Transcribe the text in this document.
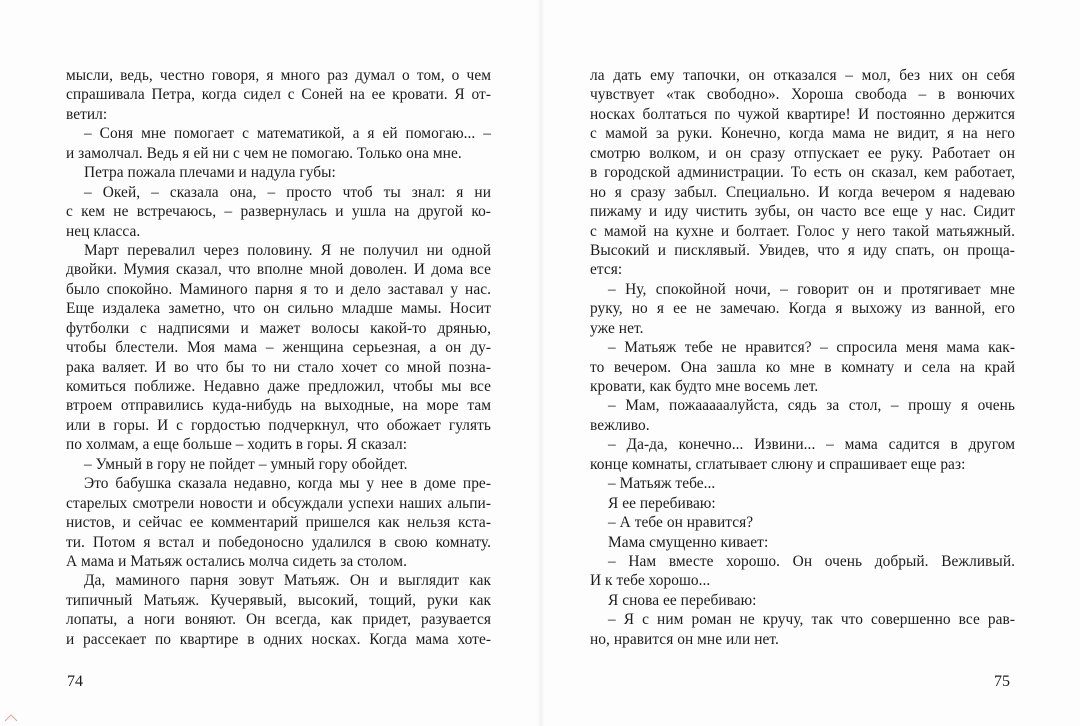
мысли, ведь, честно говоря, я много раз думал о том, о чем
спрашивала Петра, когда сидел с Соней на ее кровати. Я от-
ветил:
– Соня мне помогает с математикой, а я ей помогаю... –
и замолчал. Ведь я ей ни с чем не помогаю. Только она мне.
Петра пожала плечами и надула губы:
– Окей, – сказала она, – просто чтоб ты знал: я ни
с кем не встречаюсь, – развернулась и ушла на другой ко-
нец класса.
Март перевалил через половину. Я не получил ни одной
двойки. Мумия сказал, что вполне мной доволен. И дома все
было спокойно. Маминого парня я то и дело заставал у нас.
Еще издалека заметно, что он сильно младше мамы. Носит
футболки с надписями и мажет волосы какой-то дрянью,
чтобы блестели. Моя мама – женщина серьезная, а он ду-
рака валяет. И во что бы то ни стало хочет со мной позна-
комиться поближе. Недавно даже предложил, чтобы мы все
втроем отправились куда-нибудь на выходные, на море там
или в горы. И с гордостью подчеркнул, что обожает гулять
по холмам, а еще больше – ходить в горы. Я сказал:
– Умный в гору не пойдет – умный гору обойдет.
Это бабушка сказала недавно, когда мы у нее в доме пре-
старелых смотрели новости и обсуждали успехи наших альпи-
нистов, и сейчас ее комментарий пришелся как нельзя кста-
ти. Потом я встал и победоносно удалился в свою комнату.
А мама и Матьяж остались молча сидеть за столом.
Да, маминого парня зовут Матьяж. Он и выглядит как
типичный Матьяж. Кучерявый, высокий, тощий, руки как
лопаты, а ноги воняют. Он всегда, как придет, разувается
и рассекает по квартире в одних носках. Когда мама хоте-
ла дать ему тапочки, он отказался – мол, без них он себя
чувствует «так свободно». Хороша свобода – в вонючих
носках болтаться по чужой квартире! И постоянно держится
с мамой за руки. Конечно, когда мама не видит, я на него
смотрю волком, и он сразу отпускает ее руку. Работает он
в городской администрации. То есть он сказал, кем работает,
но я сразу забыл. Специально. И когда вечером я надеваю
пижаму и иду чистить зубы, он часто все еще у нас. Сидит
с мамой на кухне и болтает. Голос у него такой матьяжный.
Высокий и писклявый. Увидев, что я иду спать, он проща-
ется:
– Ну, спокойной ночи, – говорит он и протягивает мне
руку, но я ее не замечаю. Когда я выхожу из ванной, его
уже нет.
– Матьяж тебе не нравится? – спросила меня мама как-
то вечером. Она зашла ко мне в комнату и села на край
кровати, как будто мне восемь лет.
– Мам, пожааааалуйста, сядь за стол, – прошу я очень
вежливо.
– Да-да, конечно... Извини... – мама садится в другом
конце комнаты, сглатывает слюну и спрашивает еще раз:
– Матьяж тебе...
Я ее перебиваю:
– А тебе он нравится?
Мама смущенно кивает:
– Нам вместе хорошо. Он очень добрый. Вежливый.
И к тебе хорошо...
Я снова ее перебиваю:
– Я с ним роман не кручу, так что совершенно все рав-
но, нравится он мне или нет.
74	75
